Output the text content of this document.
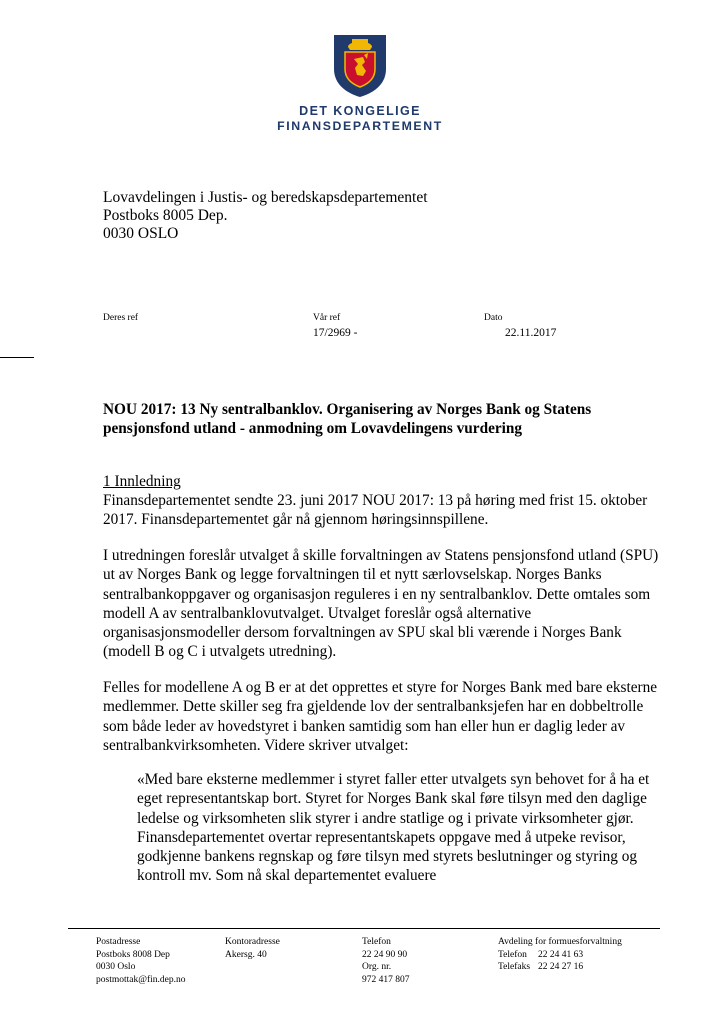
DET KONGELIGE
FINANSDEPARTEMENT
Lovavdelingen i Justis- og beredskapsdepartementet
Postboks 8005 Dep.
0030 OSLO
Deres ref	Vår ref
17/2969 -
Dato
22.11.2017
NOU 2017: 13 Ny sentralbanklov. Organisering av Norges Bank og Statens pensjonsfond utland - anmodning om Lovavdelingens vurdering
1 Innledning
Finansdepartementet sendte 23. juni 2017 NOU 2017: 13 på høring med frist 15. oktober 2017. Finansdepartementet går nå gjennom høringsinnspillene.
I utredningen foreslår utvalget å skille forvaltningen av Statens pensjonsfond utland (SPU) ut av Norges Bank og legge forvaltningen til et nytt særlovselskap. Norges Banks sentralbankoppgaver og organisasjon reguleres i en ny sentralbanklov. Dette omtales som modell A av sentralbanklovutvalget. Utvalget foreslår også alternative organisasjonsmodeller dersom forvaltningen av SPU skal bli værende i Norges Bank (modell B og C i utvalgets utredning).
Felles for modellene A og B er at det opprettes et styre for Norges Bank med bare eksterne medlemmer. Dette skiller seg fra gjeldende lov der sentralbanksjefen har en dobbeltrolle som både leder av hovedstyret i banken samtidig som han eller hun er daglig leder av sentralbankvirksomheten. Videre skriver utvalget:
«Med bare eksterne medlemmer i styret faller etter utvalgets syn behovet for å ha et eget representantskap bort. Styret for Norges Bank skal føre tilsyn med den daglige ledelse og virksomheten slik styrer i andre statlige og i private virksomheter gjør. Finansdepartementet overtar representantskapets oppgave med å utpeke revisor, godkjenne bankens regnskap og føre tilsyn med styrets beslutninger og styring og kontroll mv. Som nå skal departementet evaluere
Postadresse
Postboks 8008 Dep
0030 Oslo
postmottak@fin.dep.no
Kontoradresse
Akersg. 40
Telefon
22 24 90 90
Org. nr.
972 417 807
Avdeling for formuesforvaltning
Telefon	22 24 41 63
Telefaks 22 24 27 16
